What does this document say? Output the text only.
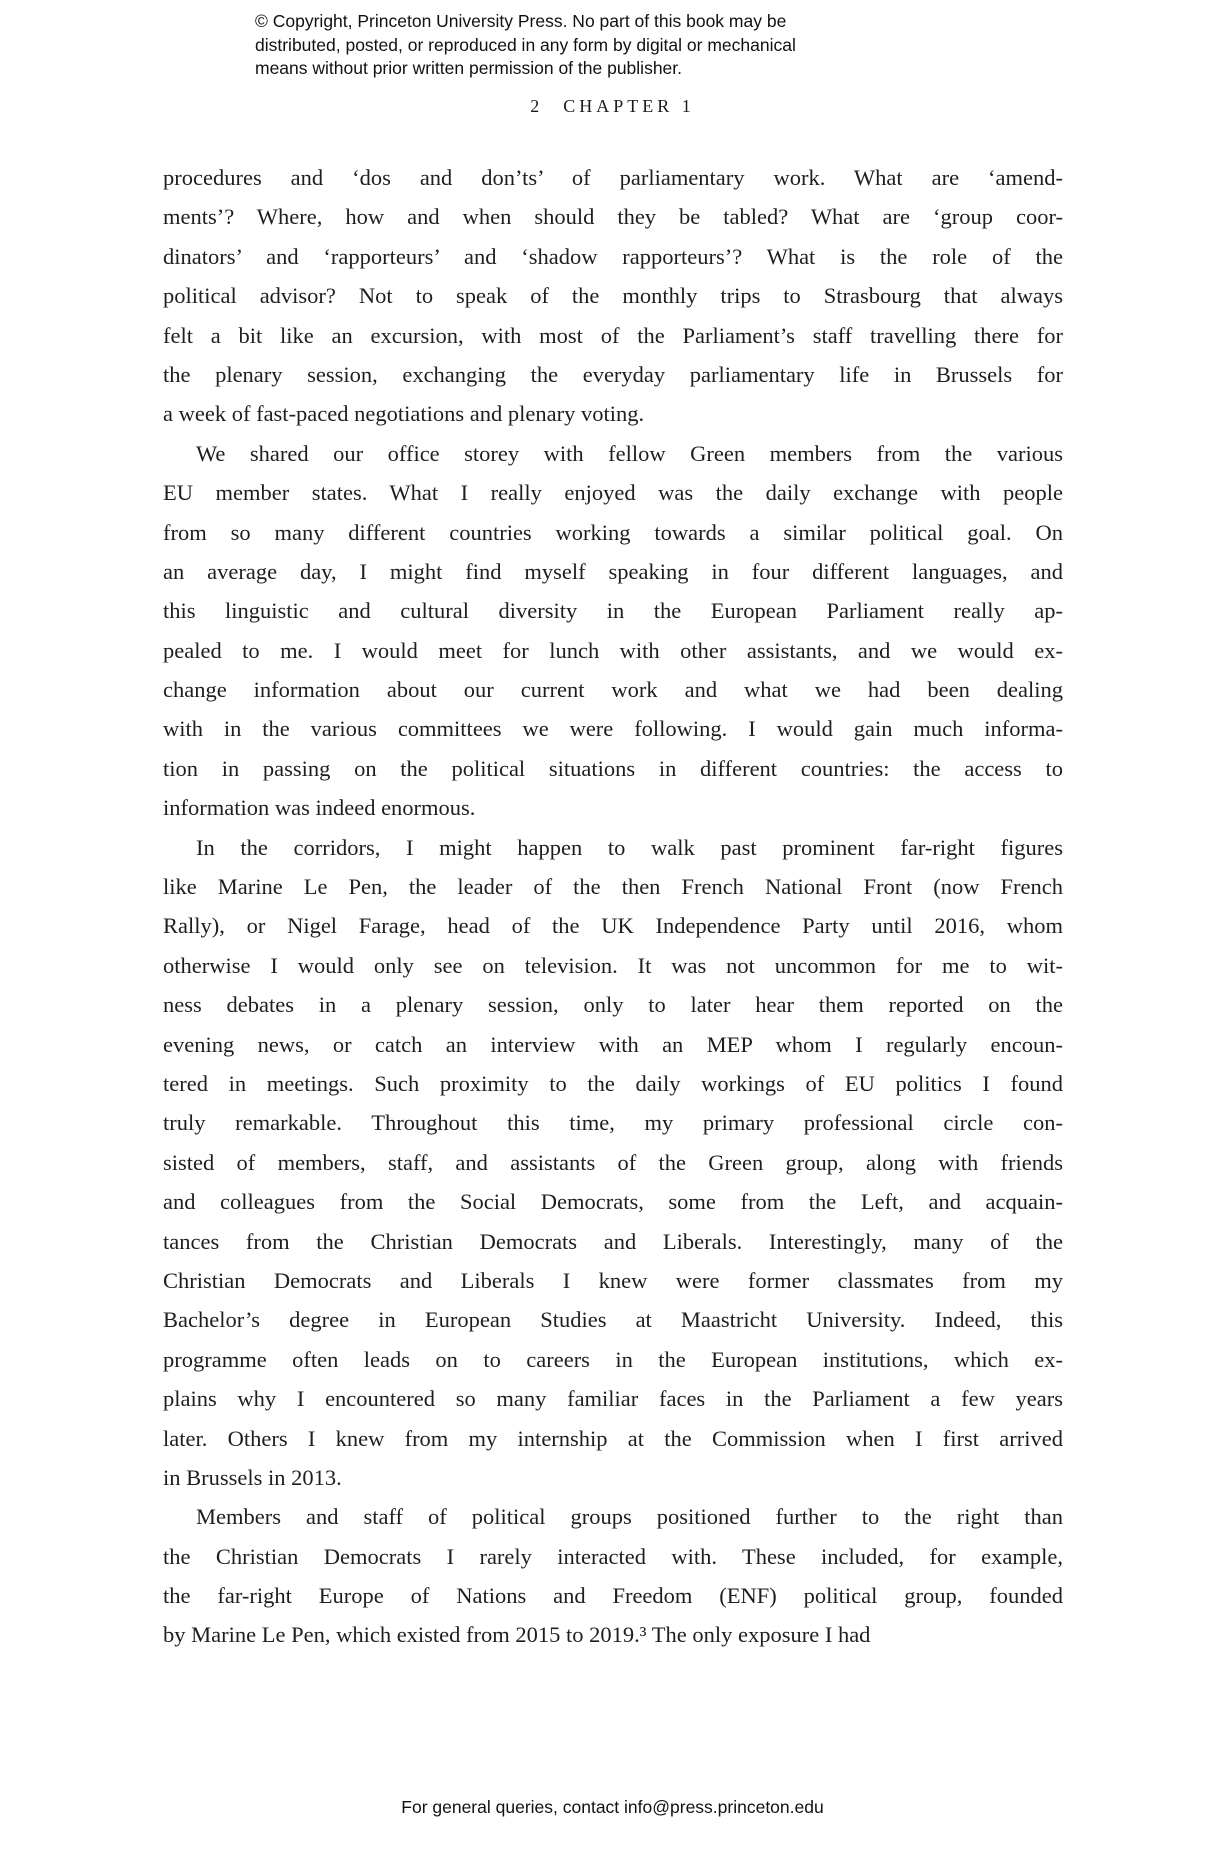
© Copyright, Princeton University Press. No part of this book may be
distributed, posted, or reproduced in any form by digital or mechanical
means without prior written permission of the publisher.
2 CHAPTER 1
procedures and ‘dos and don’ts’ of parliamentary work. What are ‘amend-
ments’? Where, how and when should they be tabled? What are ‘group coor-
dinators’ and ‘rapporteurs’ and ‘shadow rapporteurs’? What is the role of the
political advisor? Not to speak of the monthly trips to Strasbourg that always
felt a bit like an excursion, with most of the Parliament’s staff travelling there for
the plenary session, exchanging the everyday parliamentary life in Brussels for
a week of fast-paced negotiations and plenary voting.
We shared our office storey with fellow Green members from the various
EU member states. What I really enjoyed was the daily exchange with people
from so many different countries working towards a similar political goal. On
an average day, I might find myself speaking in four different languages, and
this linguistic and cultural diversity in the European Parliament really ap-
pealed to me. I would meet for lunch with other assistants, and we would ex-
change information about our current work and what we had been dealing
with in the various committees we were following. I would gain much informa-
tion in passing on the political situations in different countries: the access to
information was indeed enormous.
In the corridors, I might happen to walk past prominent far-right figures
like Marine Le Pen, the leader of the then French National Front (now French
Rally), or Nigel Farage, head of the UK Independence Party until 2016, whom
otherwise I would only see on television. It was not uncommon for me to wit-
ness debates in a plenary session, only to later hear them reported on the
evening news, or catch an interview with an MEP whom I regularly encoun-
tered in meetings. Such proximity to the daily workings of EU politics I found
truly remarkable. Throughout this time, my primary professional circle con-
sisted of members, staff, and assistants of the Green group, along with friends
and colleagues from the Social Democrats, some from the Left, and acquain-
tances from the Christian Democrats and Liberals. Interestingly, many of the
Christian Democrats and Liberals I knew were former classmates from my
Bachelor’s degree in European Studies at Maastricht University. Indeed, this
programme often leads on to careers in the European institutions, which ex-
plains why I encountered so many familiar faces in the Parliament a few years
later. Others I knew from my internship at the Commission when I first arrived
in Brussels in 2013.
Members and staff of political groups positioned further to the right than
the Christian Democrats I rarely interacted with. These included, for example,
the far-right Europe of Nations and Freedom (ENF) political group, founded
by Marine Le Pen, which existed from 2015 to 2019.³ The only exposure I had
For general queries, contact info@press.princeton.edu
